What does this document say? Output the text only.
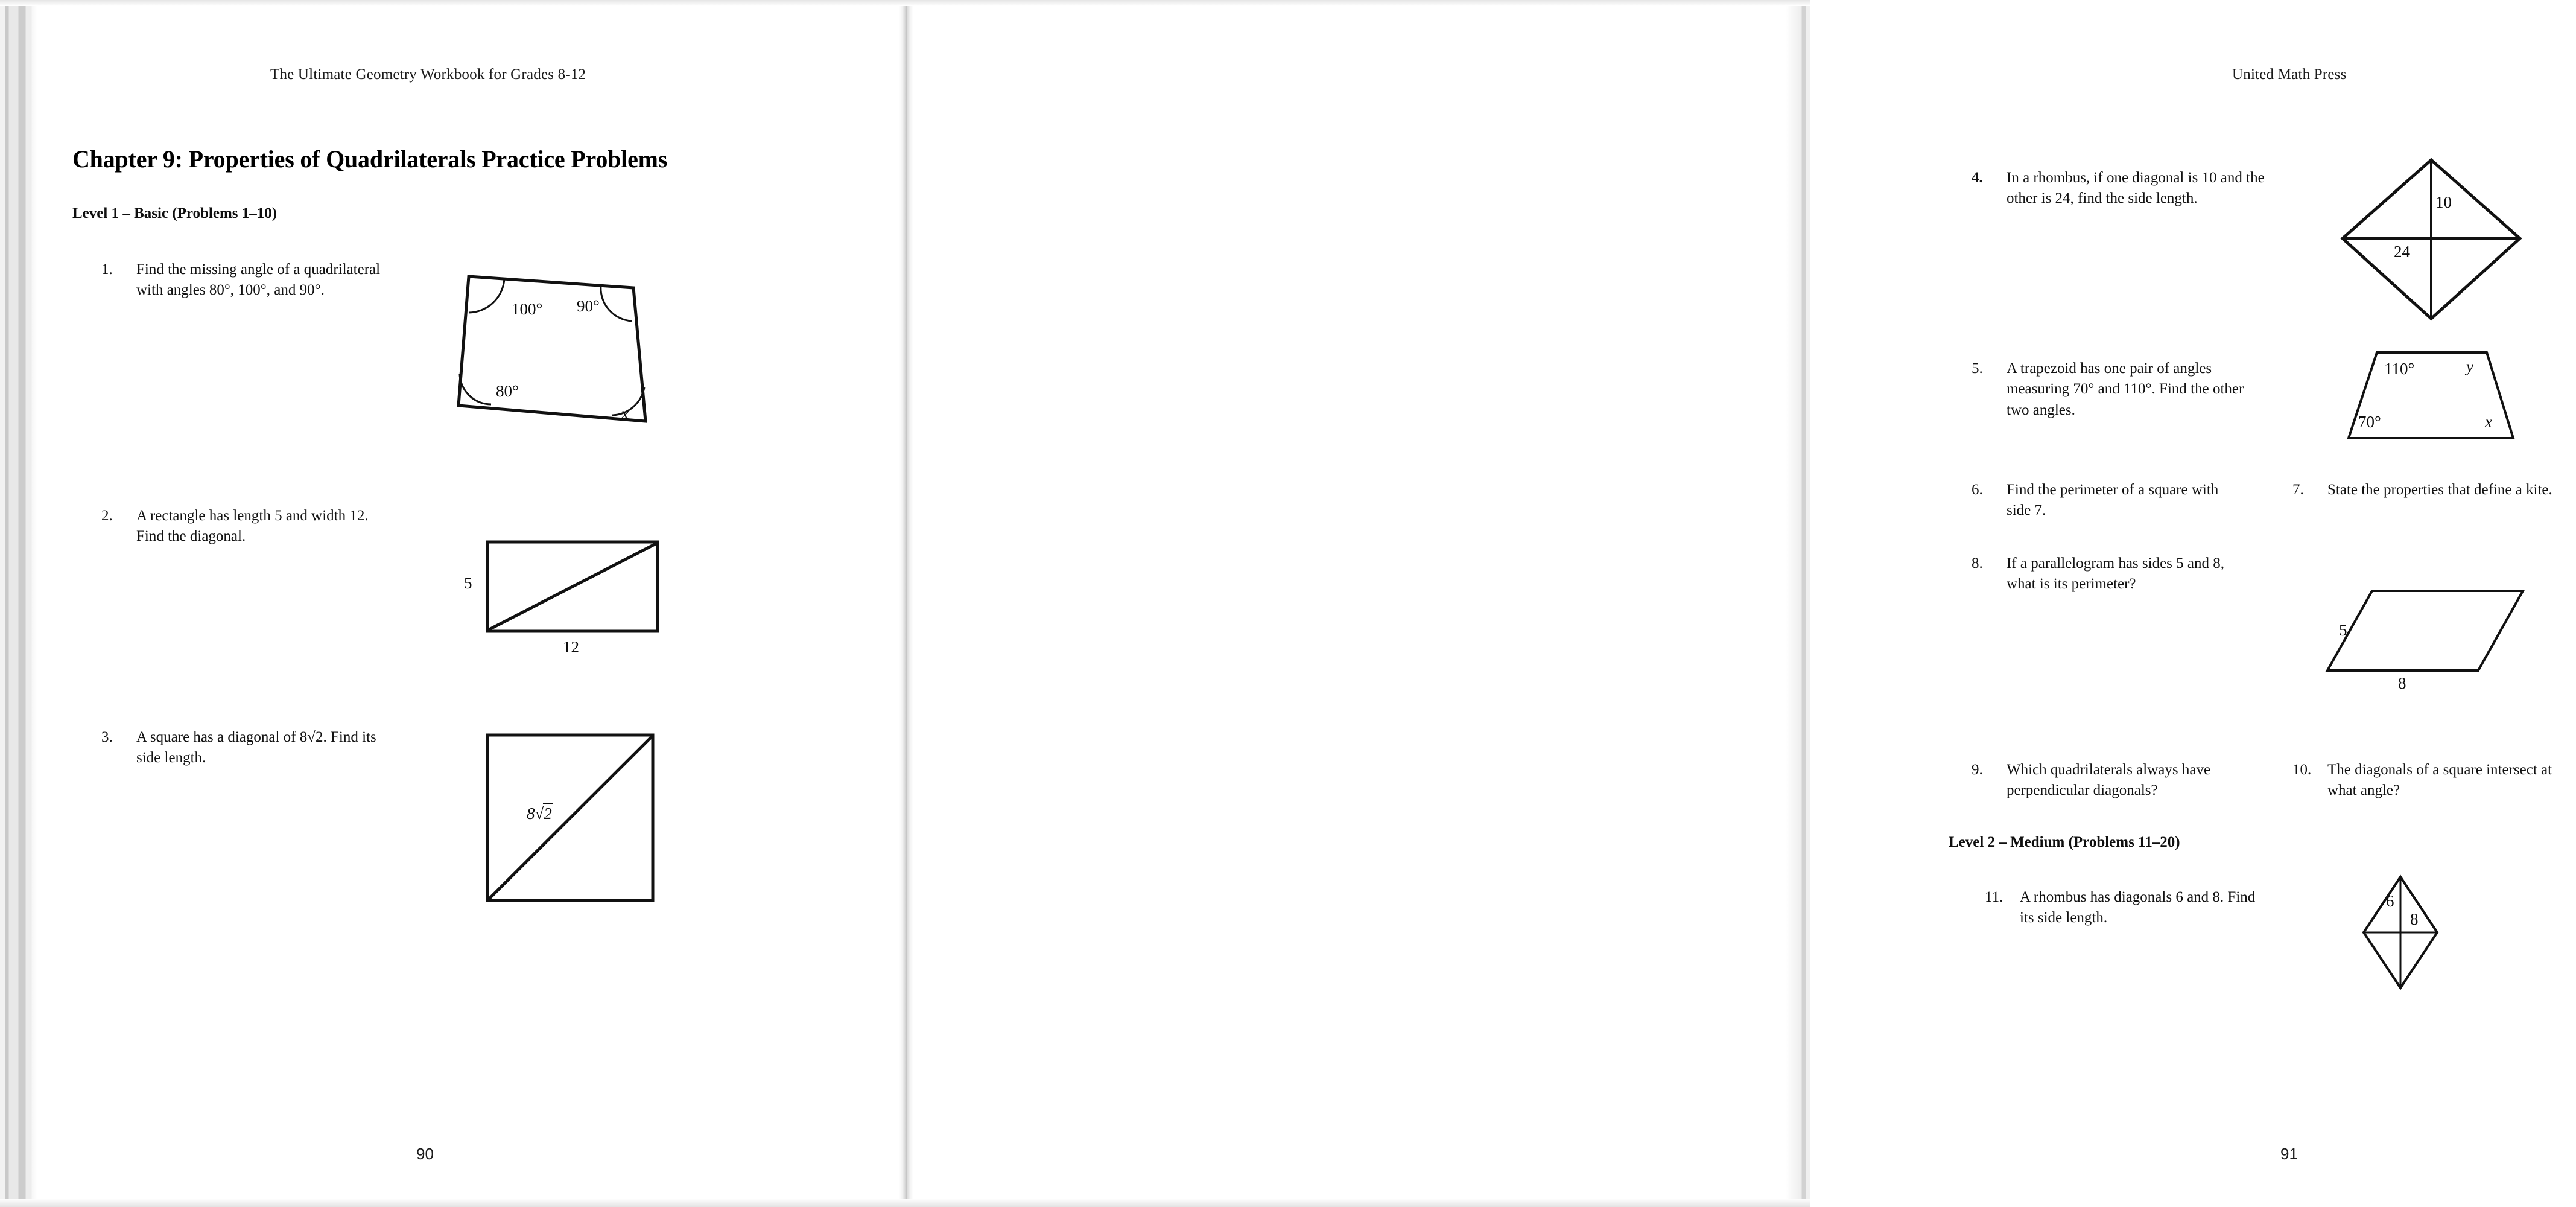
The Ultimate Geometry Workbook for Grades 8-12
Chapter 9: Properties of Quadrilaterals Practice Problems
Level 1 – Basic (Problems 1–10)
1.	Find the missing angle of a quadrilateral with angles 80°, 100°, and 90°.
100° 90°
80°
x
2.	A rectangle has length 5 and width 12. Find the diagonal.
5
12
3.	A square has a diagonal of 8√2. Find its side length.
8√2
90
United Math Press
4.	In a rhombus, if one diagonal is 10 and the other is 24, find the side length.	10
24
5.	A trapezoid has one pair of angles measuring 70° and 110°. Find the other two angles.
110°	y
70°	x
6.	Find the perimeter of a square with side 7.
7.	State the properties that define a kite.
8.	If a parallelogram has sides 5 and 8, what is its perimeter?
5
8
9.	Which quadrilaterals always have perpendicular diagonals?
10.	The diagonals of a square intersect at what angle?
Level 2 – Medium (Problems 11–20)
11.	A rhombus has diagonals 6 and 8. Find its side length.
6
8
91
